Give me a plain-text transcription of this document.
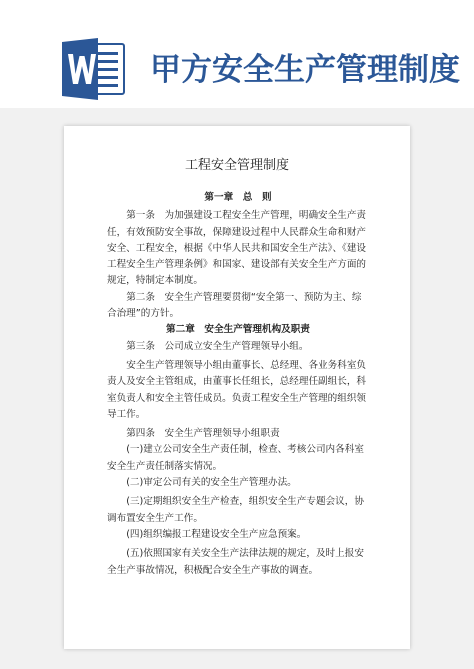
甲方安全生产管理制度
工程安全管理制度

第一章　总　则

第一条　为加强建设工程安全生产管理，明确安全生产责任，有效预防安全事故，保障建设过程中人民群众生命和财产安全、工程安全，根据《中华人民共和国安全生产法》、《建设工程安全生产管理条例》和国家、建设部有关安全生产方面的规定，特制定本制度。

第二条　安全生产管理要贯彻“安全第一、预防为主、综合治理”的方针。

第二章　安全生产管理机构及职责

第三条　公司成立安全生产管理领导小组。

安全生产管理领导小组由董事长、总经理、各业务科室负责人及安全主管组成，由董事长任组长，总经理任副组长，科室负责人和安全主管任成员。负责工程安全生产管理的组织领导工作。

第四条　安全生产管理领导小组职责

(一)建立公司安全生产责任制，检查、考核公司内各科室安全生产责任制落实情况。

(二)审定公司有关的安全生产管理办法。

(三)定期组织安全生产检查，组织安全生产专题会议，协调布置安全生产工作。

(四)组织编报工程建设安全生产应急预案。

(五)依照国家有关安全生产法律法规的规定，及时上报安全生产事故情况，积极配合安全生产事故的调查。
